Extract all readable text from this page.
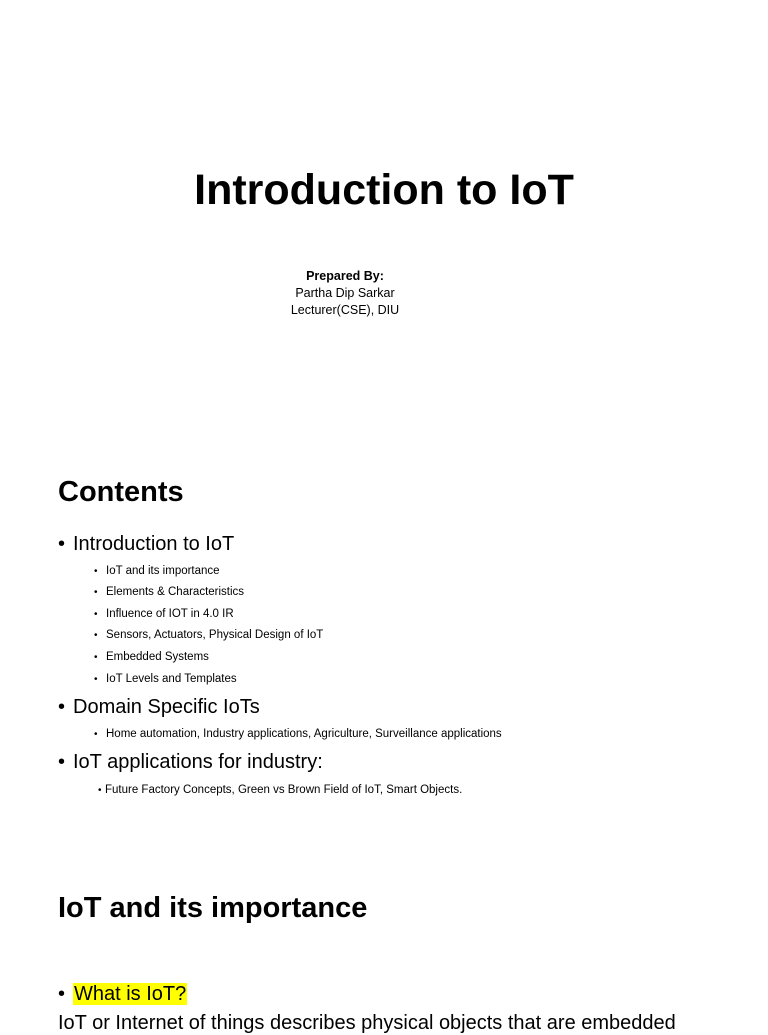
Introduction to IoT
Prepared By:
Partha Dip Sarkar
Lecturer(CSE), DIU
Contents
• Introduction to IoT
• IoT and its importance
• Elements & Characteristics
• Influence of IOT in 4.0 IR
• Sensors, Actuators, Physical Design of IoT
• Embedded Systems
• IoT Levels and Templates
• Domain Specific IoTs
• Home automation, Industry applications, Agriculture, Surveillance applications
• IoT applications for industry:
• Future Factory Concepts, Green vs Brown Field of IoT, Smart Objects.
IoT and its importance
• What is IoT?
IoT or Internet of things describes physical objects that are embedded
